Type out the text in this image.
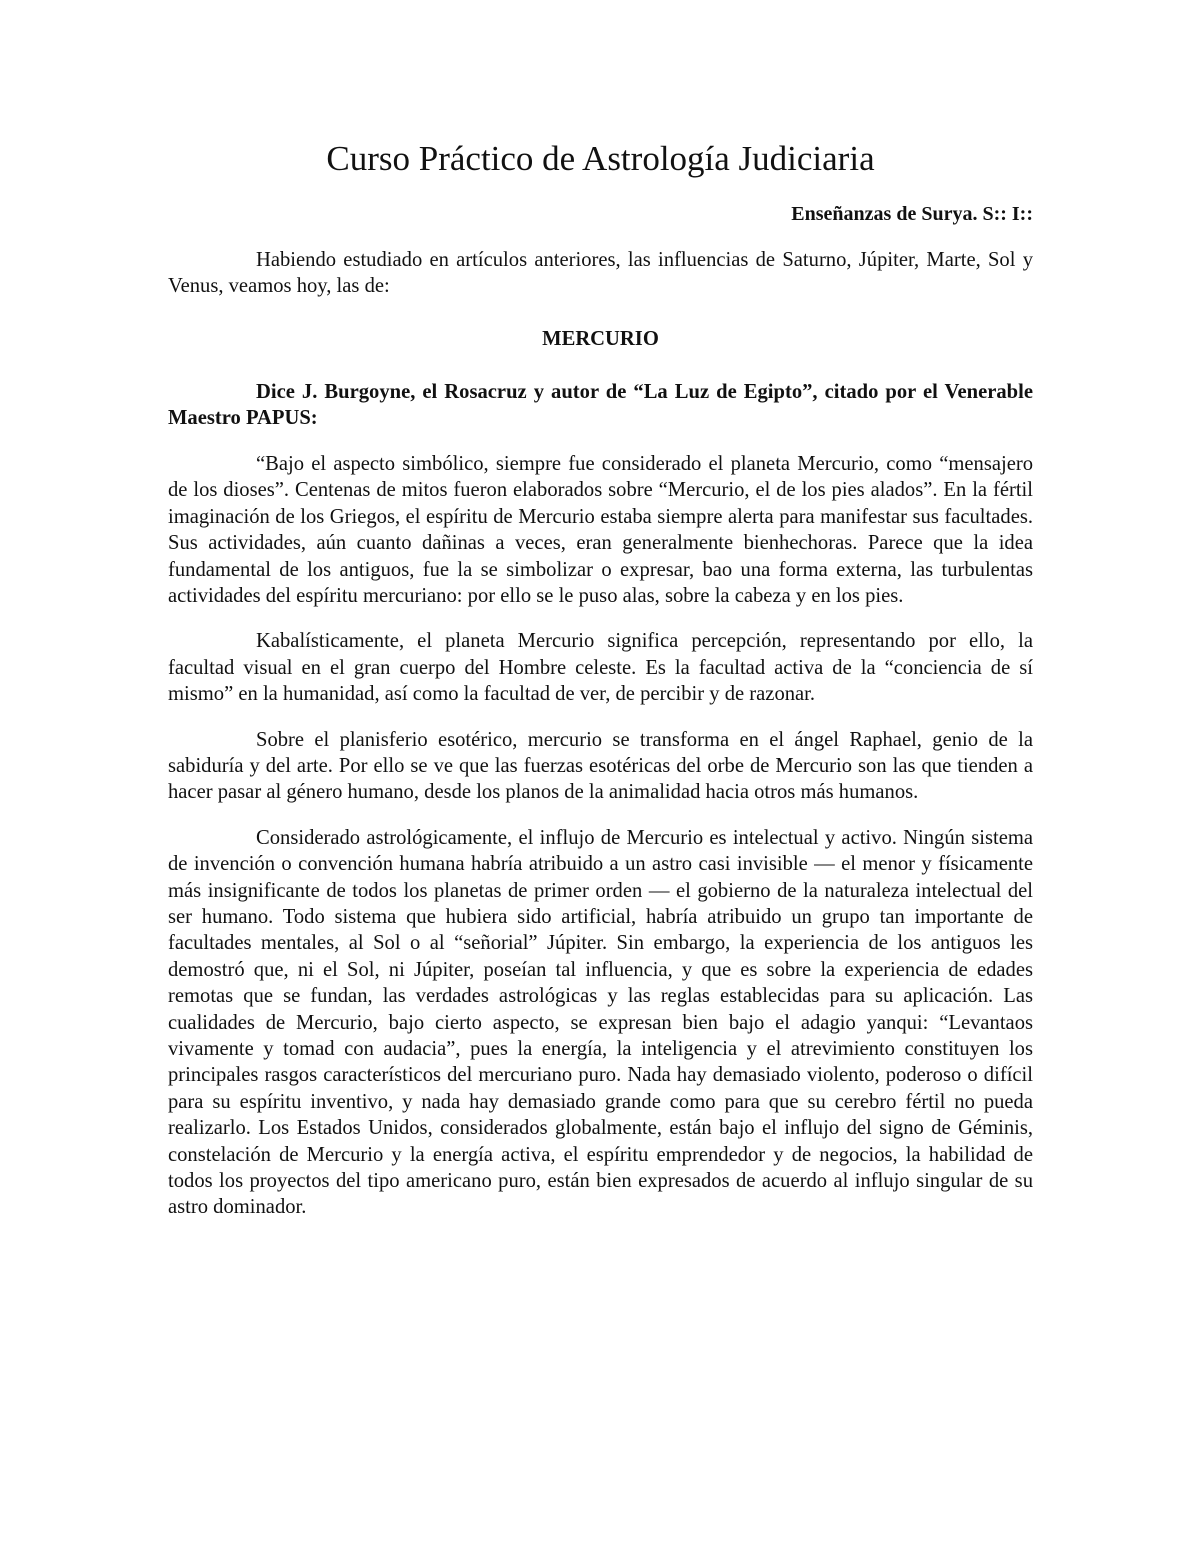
Curso Práctico de Astrología Judiciaria
Enseñanzas de Surya. S:: I::

Habiendo estudiado en artículos anteriores, las influencias de Saturno, Júpiter, Marte, Sol y Venus, veamos hoy, las de:

MERCURIO

Dice J. Burgoyne, el Rosacruz y autor de “La Luz de Egipto”, citado por el Venerable Maestro PAPUS:

“Bajo el aspecto simbólico, siempre fue considerado el planeta Mercurio, como “mensajero de los dioses”. Centenas de mitos fueron elaborados sobre “Mercurio, el de los pies alados”. En la fértil imaginación de los Griegos, el espíritu de Mercurio estaba siempre alerta para manifestar sus facultades. Sus actividades, aún cuanto dañinas a veces, eran generalmente bienhechoras. Parece que la idea fundamental de los antiguos, fue la se simbolizar o expresar, bao una forma externa, las turbulentas actividades del espíritu mercuriano: por ello se le puso alas, sobre la cabeza y en los pies.

Kabalísticamente, el planeta Mercurio significa percepción, representando por ello, la facultad visual en el gran cuerpo del Hombre celeste. Es la facultad activa de la “conciencia de sí mismo” en la humanidad, así como la facultad de ver, de percibir y de razonar.

Sobre el planisferio esotérico, mercurio se transforma en el ángel Raphael, genio de la sabiduría y del arte. Por ello se ve que las fuerzas esotéricas del orbe de Mercurio son las que tienden a hacer pasar al género humano, desde los planos de la animalidad hacia otros más humanos.

Considerado astrológicamente, el influjo de Mercurio es intelectual y activo. Ningún sistema de invención o convención humana habría atribuido a un astro casi invisible — el menor y físicamente más insignificante de todos los planetas de primer orden — el gobierno de la naturaleza intelectual del ser humano. Todo sistema que hubiera sido artificial, habría atribuido un grupo tan importante de facultades mentales, al Sol o al “señorial” Júpiter. Sin embargo, la experiencia de los antiguos les demostró que, ni el Sol, ni Júpiter, poseían tal influencia, y que es sobre la experiencia de edades remotas que se fundan, las verdades astrológicas y las reglas establecidas para su aplicación. Las cualidades de Mercurio, bajo cierto aspecto, se expresan bien bajo el adagio yanqui: “Levantaos vivamente y tomad con audacia”, pues la energía, la inteligencia y el atrevimiento constituyen los principales rasgos característicos del mercuriano puro. Nada hay demasiado violento, poderoso o difícil para su espíritu inventivo, y nada hay demasiado grande como para que su cerebro fértil no pueda realizarlo. Los Estados Unidos, considerados globalmente, están bajo el influjo del signo de Géminis, constelación de Mercurio y la energía activa, el espíritu emprendedor y de negocios, la habilidad de todos los proyectos del tipo americano puro, están bien expresados de acuerdo al influjo singular de su astro dominador.
